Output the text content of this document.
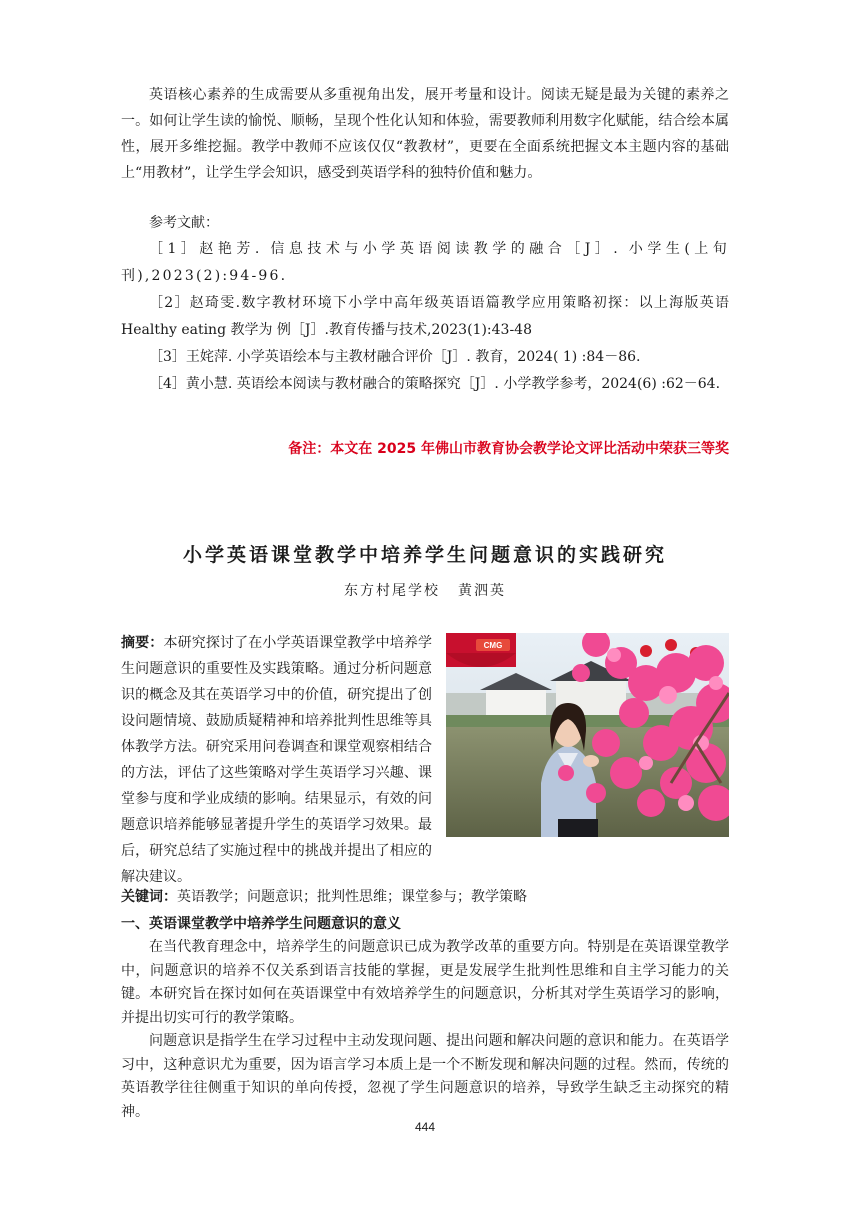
英语核心素养的生成需要从多重视角出发，展开考量和设计。阅读无疑是最为关键的素养之一。如何让学生读的愉悦、顺畅，呈现个性化认知和体验，需要教师利用数字化赋能，结合绘本属性，展开多维挖掘。教学中教师不应该仅仅“教教材”，更要在全面系统把握文本主题内容的基础上“用教材”，让学生学会知识，感受到英语学科的独特价值和魅力。

参考文献：

［1］赵艳芳. 信息技术与小学英语阅读教学的融合［J］. 小学生(上旬刊),2023(2):94-96.

［2］赵琦雯.数字教材环境下小学中高年级英语语篇教学应用策略初探：以上海版英语 Healthy eating 教学为 例［J］.教育传播与技术,2023(1):43-48

［3］王姹萍. 小学英语绘本与主教材融合评价［J］. 教育，2024( 1) :84－86.

［4］黄小慧. 英语绘本阅读与教材融合的策略探究［J］. 小学教学参考，2024(6) :62－64.

备注：本文在 2025 年佛山市教育协会教学论文评比活动中荣获三等奖
小学英语课堂教学中培养学生问题意识的实践研究
东方村尾学校 黄泗英
CMG
摘要：本研究探讨了在小学英语课堂教学中培养学生问题意识的重要性及实践策略。通过分析问题意识的概念及其在英语学习中的价值，研究提出了创设问题情境、鼓励质疑精神和培养批判性思维等具体教学方法。研究采用问卷调查和课堂观察相结合的方法，评估了这些策略对学生英语学习兴趣、课堂参与度和学业成绩的影响。结果显示，有效的问题意识培养能够显著提升学生的英语学习效果。最后，研究总结了实施过程中的挑战并提出了相应的解决建议。
关键词：英语教学；问题意识；批判性思维；课堂参与；教学策略
一、英语课堂教学中培养学生问题意识的意义

在当代教育理念中，培养学生的问题意识已成为教学改革的重要方向。特别是在英语课堂教学中，问题意识的培养不仅关系到语言技能的掌握，更是发展学生批判性思维和自主学习能力的关键。本研究旨在探讨如何在英语课堂中有效培养学生的问题意识，分析其对学生英语学习的影响，并提出切实可行的教学策略。

问题意识是指学生在学习过程中主动发现问题、提出问题和解决问题的意识和能力。在英语学习中，这种意识尤为重要，因为语言学习本质上是一个不断发现和解决问题的过程。然而，传统的英语教学往往侧重于知识的单向传授，忽视了学生问题意识的培养，导致学生缺乏主动探究的精神。

444
